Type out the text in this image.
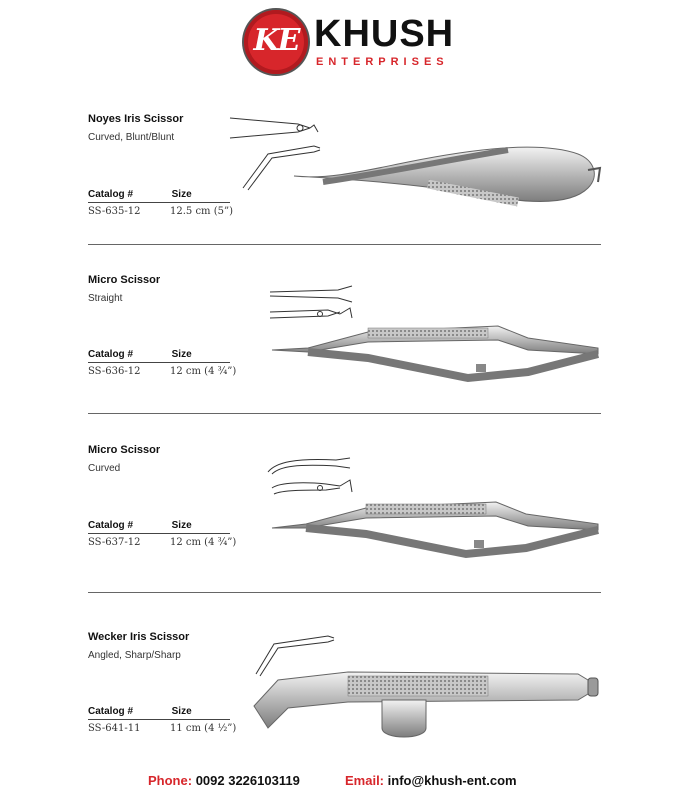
KE KHUSH
ENTERPRISES
Noyes Iris Scissor
Curved, Blunt/Blunt
Catalog #	Size
SS-635-12	12.5 cm (5”)
Micro Scissor
Straight
Catalog #	Size
SS-636-12	12 cm (4 ¾”)
Micro Scissor
Curved
Catalog #	Size
SS-637-12	12 cm (4 ¾”)
Wecker Iris Scissor
Angled, Sharp/Sharp
Catalog #	Size
SS-641-11	11 cm (4 ½”)
Phone: 0092 3226103119	Email: info@khush-ent.com
